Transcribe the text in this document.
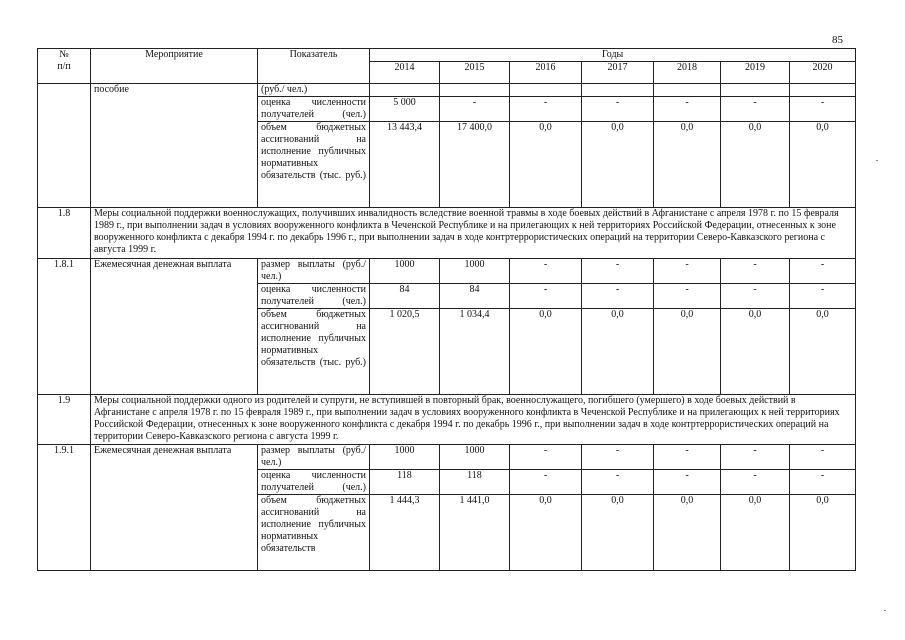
85
№
п/п	Мероприятие	Показатель	Годы						
			2014	2015	2016	2017	2018	2019	2020
	пособие	(руб./ чел.)							
		оценка численности получателей (чел.)	5 000	-	-	-	-	-	-
		объем бюджетных ассигнований на исполнение публичных нормативных обязательств (тыс. руб.)	13 443,4	17 400,0	0,0	0,0	0,0	0,0	0,0
1.8	Меры социальной поддержки военнослужащих, получивших инвалидность вследствие военной травмы в ходе боевых действий в Афганистане с апреля 1978 г. по 15 февраля 1989 г., при выполнении задач в условиях вооруженного конфликта в Чеченской Республике и на прилегающих к ней территориях Российской Федерации, отнесенных к зоне вооруженного конфликта с декабря 1994 г. по декабрь 1996 г., при выполнении задач в ходе контртеррористических операций на территории Северо-Кавказского региона с августа 1999 г.								
1.8.1	Ежемесячная денежная выплата	размер выплаты (руб./ чел.)	1000	1000	-	-	-	-	-
		оценка численности получателей (чел.)	84	84	-	-	-	-	-
		объем бюджетных ассигнований на исполнение публичных нормативных обязательств (тыс. руб.)	1 020,5	1 034,4	0,0	0,0	0,0	0,0	0,0
1.9	Меры социальной поддержки одного из родителей и супруги, не вступившей в повторный брак, военнослужащего, погибшего (умершего) в ходе боевых действий в Афганистане с апреля 1978 г. по 15 февраля 1989 г., при выполнении задач в условиях вооруженного конфликта в Чеченской Республике и на прилегающих к ней территориях Российской Федерации, отнесенных к зоне вооруженного конфликта с декабря 1994 г. по декабрь 1996 г., при выполнении задач в ходе контртеррористических операций на территории Северо-Кавказского региона с августа 1999 г.								
1.9.1	Ежемесячная денежная выплата	размер выплаты (руб./ чел.)	1000	1000	-	-	-	-	-
		оценка численности получателей (чел.)	118	118	-	-	-	-	-
		объем бюджетных ассигнований на исполнение публичных нормативных обязательств	1 444,3	1 441,0	0,0	0,0	0,0	0,0	0,0
